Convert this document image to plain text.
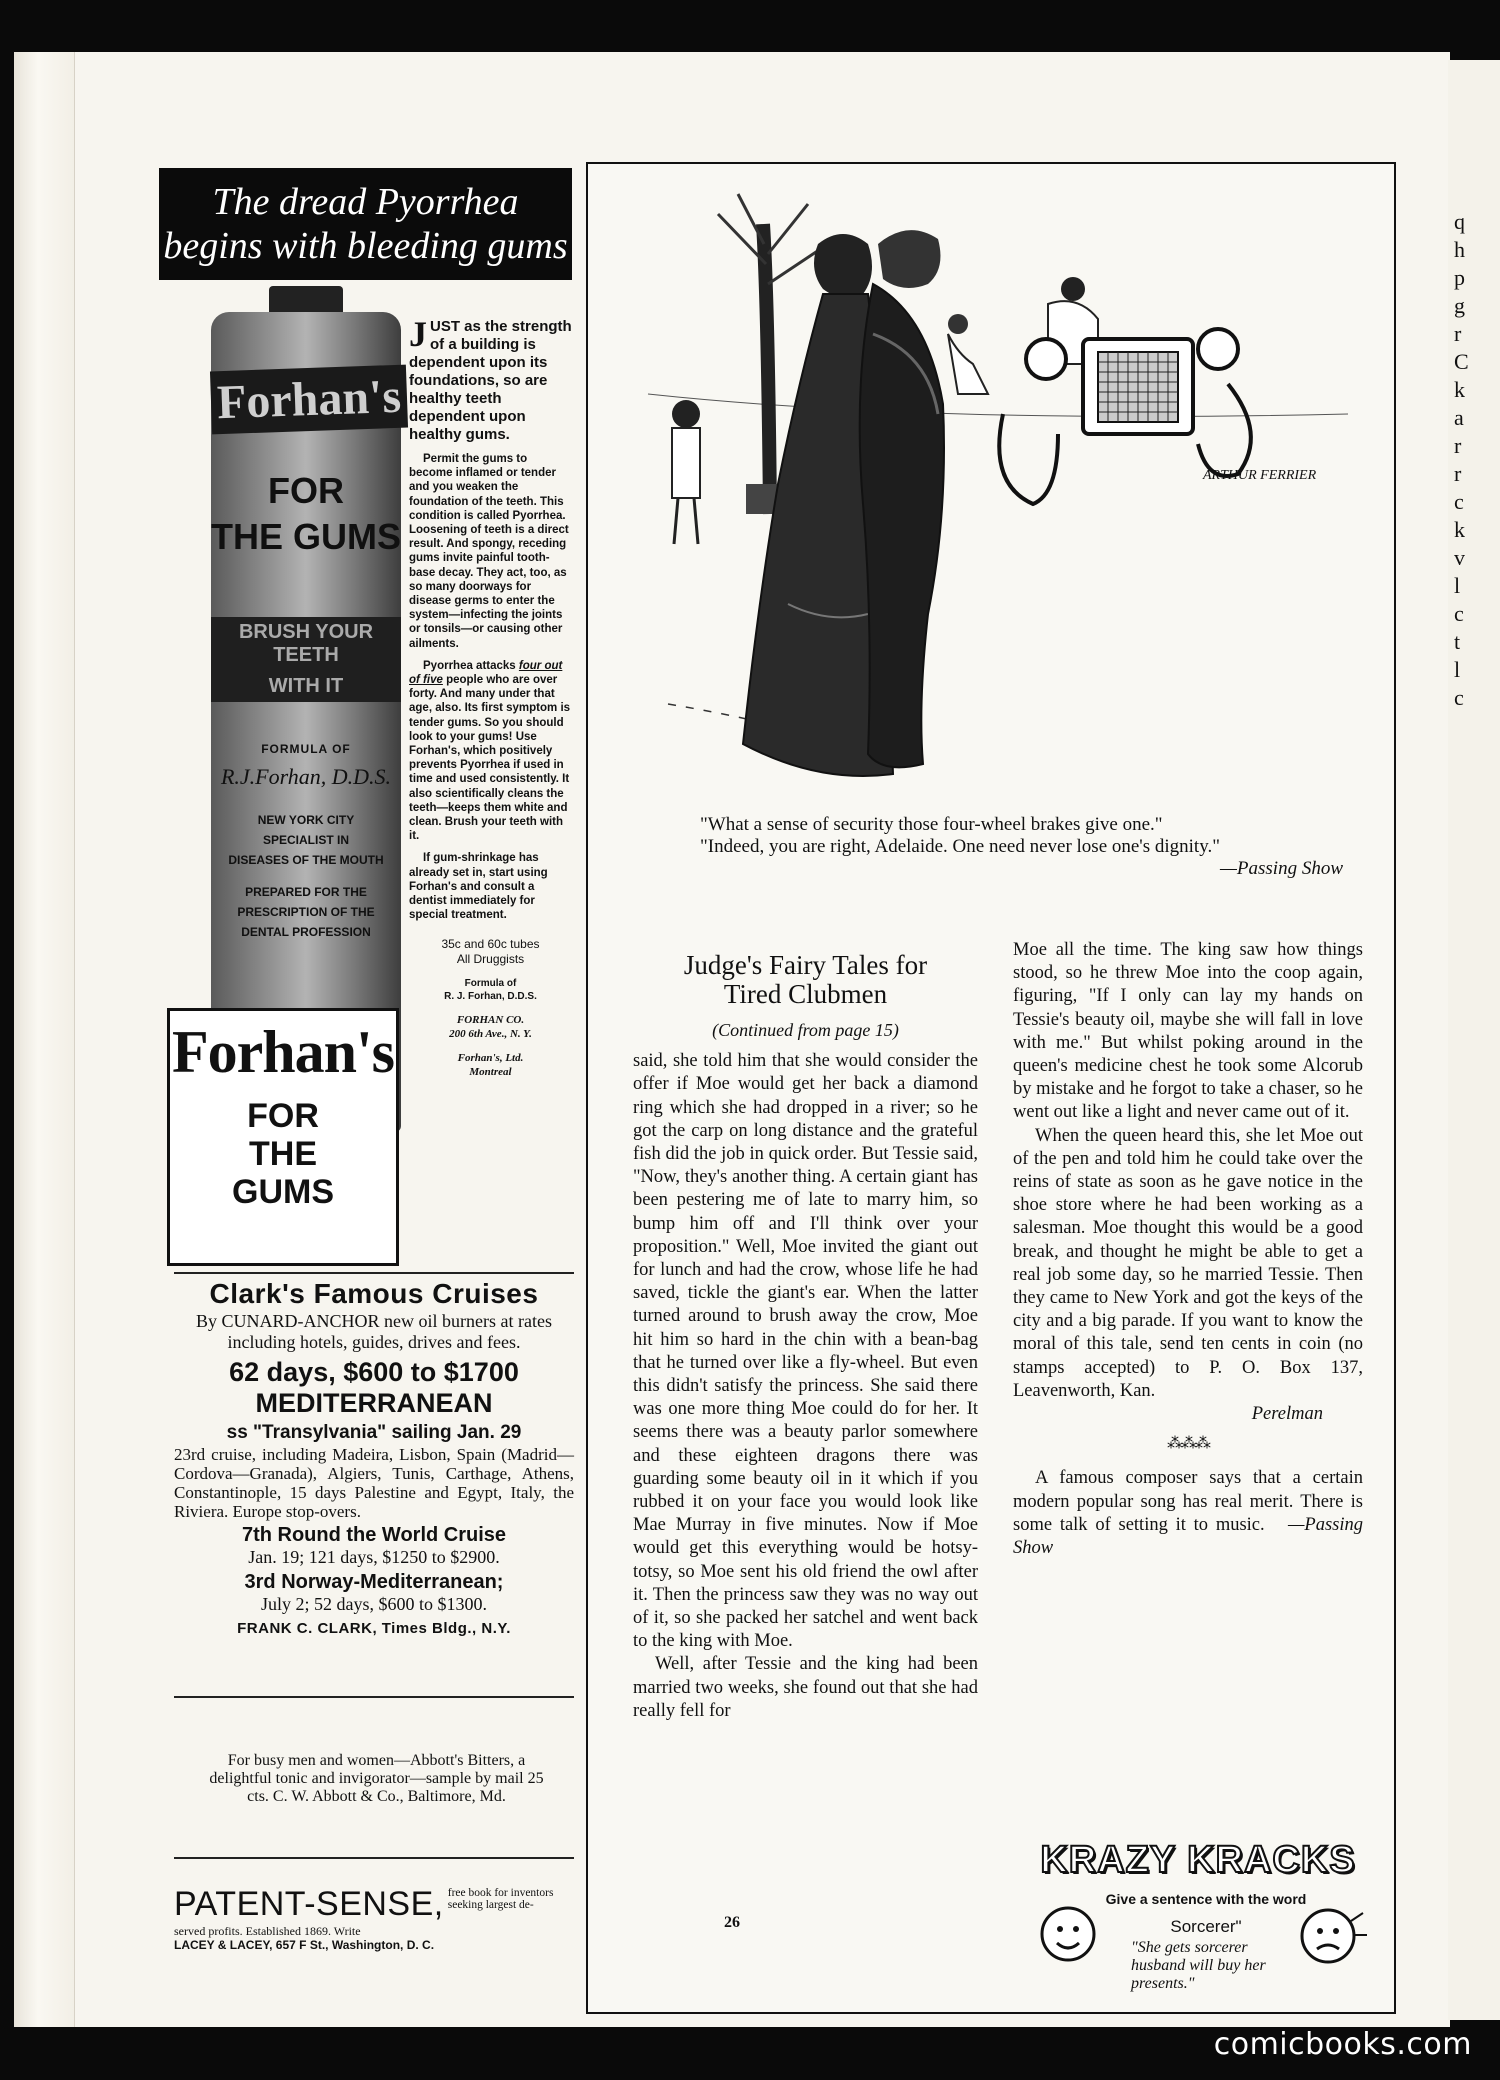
The dread Pyorrhea
begins with bleeding gums
Forhan's
FOR
THE GUMS
BRUSH YOUR TEETH
WITH IT
FORMULA OF
R.J.Forhan, D.D.S.
NEW YORK CITY
SPECIALIST IN
DISEASES OF THE MOUTH
PREPARED FOR THE
PRESCRIPTION OF THE
DENTAL PROFESSION
Forhan's
FOR
THE
GUMS
JUST as the strength of a building is dependent upon its foundations, so are healthy teeth dependent upon healthy gums.

Permit the gums to become inflamed or tender and you weaken the foundation of the teeth. This condition is called Pyorrhea. Loosening of teeth is a direct result. And spongy, receding gums invite painful tooth-base decay. They act, too, as so many doorways for disease germs to enter the system—infecting the joints or tonsils—or causing other ailments.

Pyorrhea attacks four out of five people who are over forty. And many under that age, also. Its first symptom is tender gums. So you should look to your gums! Use Forhan's, which positively prevents Pyorrhea if used in time and used consistently. It also scientifically cleans the teeth—keeps them white and clean. Brush your teeth with it.

If gum-shrinkage has already set in, start using Forhan's and consult a dentist immediately for special treatment.

35c and 60c tubes
All Druggists
Formula of
R. J. Forhan, D.D.S.
FORHAN CO.
200 6th Ave., N. Y.
Forhan's, Ltd.
Montreal
Clark's Famous Cruises
By CUNARD-ANCHOR new oil burners at rates including hotels, guides, drives and fees.
62 days, $600 to $1700
MEDITERRANEAN
ss "Transylvania" sailing Jan. 29
23rd cruise, including Madeira, Lisbon, Spain (Madrid—Cordova—Granada), Algiers, Tunis, Carthage, Athens, Constantinople, 15 days Palestine and Egypt, Italy, the Riviera. Europe stop-overs.
7th Round the World Cruise
Jan. 19; 121 days, $1250 to $2900.
3rd Norway-Mediterranean;
July 2; 52 days, $600 to $1300.
FRANK C. CLARK, Times Bldg., N.Y.
For busy men and women—Abbott's Bitters, a delightful tonic and invigorator—sample by mail 25 cts. C. W. Abbott & Co., Baltimore, Md.
PATENT-SENSE, free book for inventors seeking largest de-
served profits. Established 1869. Write
LACEY & LACEY, 657 F St., Washington, D. C.
ARTHUR FERRIER
"What a sense of security those four-wheel brakes give one."
"Indeed, you are right, Adelaide. One need never lose one's dignity."
—Passing Show
Judge's Fairy Tales for
Tired Clubmen
(Continued from page 15)

said, she told him that she would consider the offer if Moe would get her back a diamond ring which she had dropped in a river; so he got the carp on long distance and the grateful fish did the job in quick order. But Tessie said, "Now, they's another thing. A certain giant has been pestering me of late to marry him, so bump him off and I'll think over your proposition." Well, Moe invited the giant out for lunch and had the crow, whose life he had saved, tickle the giant's ear. When the latter turned around to brush away the crow, Moe hit him so hard in the chin with a bean-bag that he turned over like a fly-wheel. But even this didn't satisfy the princess. She said there was one more thing Moe could do for her. It seems there was a beauty parlor somewhere and these eighteen dragons there was guarding some beauty oil in it which if you rubbed it on your face you would look like Mae Murray in five minutes. Now if Moe would get this everything would be hotsy-totsy, so Moe sent his old friend the owl after it. Then the princess saw they was no way out of it, so she packed her satchel and went back to the king with Moe.

Well, after Tessie and the king had been married two weeks, she found out that she had really fell for

Moe all the time. The king saw how things stood, so he threw Moe into the coop again, figuring, "If I only can lay my hands on Tessie's beauty oil, maybe she will fall in love with me." But whilst poking around in the queen's medicine chest he took some Alcorub by mistake and he forgot to take a chaser, so he went out like a light and never came out of it.

When the queen heard this, she let Moe out of the pen and told him he could take over the reins of state as soon as he gave notice in the shoe store where he had been working as a salesman. Moe thought this would be a good break, and thought he might be able to get a real job some day, so he married Tessie. Then they came to New York and got the keys of the city and a big parade. If you want to know the moral of this tale, send ten cents in coin (no stamps accepted) to P. O. Box 137, Leavenworth, Kan.

Perelman
⁂⁂⁂

A famous composer says that a certain modern popular song has real merit. There is some talk of setting it to music. —Passing Show

KRAZY KRACKS
Give a sentence with the word
Sorcerer"
"She gets sorcerer husband will buy her presents."
26
q
h
p
g
r
C
k
a
r
r
c
k
v
l
c
t
l
c
comicbooks.com
